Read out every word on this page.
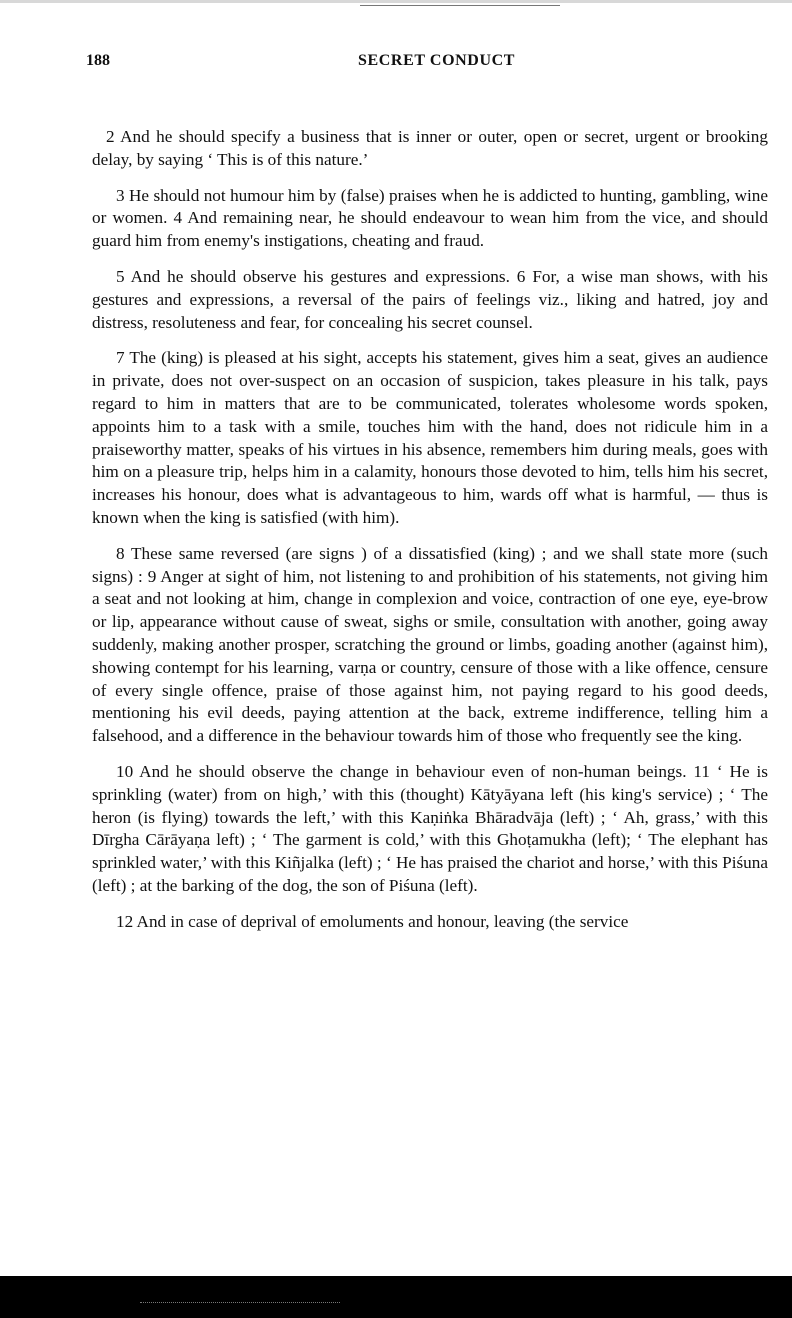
188	SECRET CONDUCT

2 And he should specify a business that is inner or outer, open or secret, urgent or brooking delay, by saying ‘ This is of this nature.’

3 He should not humour him by (false) praises when he is addicted to hunting, gambling, wine or women. 4 And remaining near, he should endeavour to wean him from the vice, and should guard him from enemy's instigations, cheating and fraud.

5 And he should observe his gestures and expressions. 6 For, a wise man shows, with his gestures and expressions, a reversal of the pairs of feelings viz., liking and hatred, joy and distress, resoluteness and fear, for concealing his secret counsel.

7 The (king) is pleased at his sight, accepts his statement, gives him a seat, gives an audience in private, does not over-suspect on an occasion of suspicion, takes pleasure in his talk, pays regard to him in matters that are to be communicated, tolerates wholesome words spoken, appoints him to a task with a smile, touches him with the hand, does not ridicule him in a praiseworthy matter, speaks of his virtues in his absence, remembers him during meals, goes with him on a pleasure trip, helps him in a calamity, honours those devoted to him, tells him his secret, increases his honour, does what is advantageous to him, wards off what is harmful, — thus is known when the king is satisfied (with him).

8 These same reversed (are signs ) of a dissatisfied (king) ; and we shall state more (such signs) : 9 Anger at sight of him, not listening to and prohibition of his statements, not giving him a seat and not looking at him, change in complexion and voice, contraction of one eye, eye-brow or lip, appearance without cause of sweat, sighs or smile, consultation with another, going away suddenly, making another prosper, scratching the ground or limbs, goading another (against him), showing contempt for his learning, varṇa or country, censure of those with a like offence, censure of every single offence, praise of those against him, not paying regard to his good deeds, mentioning his evil deeds, paying attention at the back, extreme indifference, telling him a falsehood, and a difference in the behaviour towards him of those who frequently see the king.

10 And he should observe the change in behaviour even of non-human beings. 11 ‘ He is sprinkling (water) from on high,’ with this (thought) Kātyāyana left (his king's service) ; ‘ The heron (is flying) towards the left,’ with this Kaṇiṅka Bhāradvāja (left) ; ‘ Ah, grass,’ with this Dīrgha Cārāyaṇa left) ; ‘ The garment is cold,’ with this Ghoṭamukha (left); ‘ The elephant has sprinkled water,’ with this Kiñjalka (left) ; ‘ He has praised the chariot and horse,’ with this Piśuna (left) ; at the barking of the dog, the son of Piśuna (left).

12 And in case of deprival of emoluments and honour, leaving (the service
